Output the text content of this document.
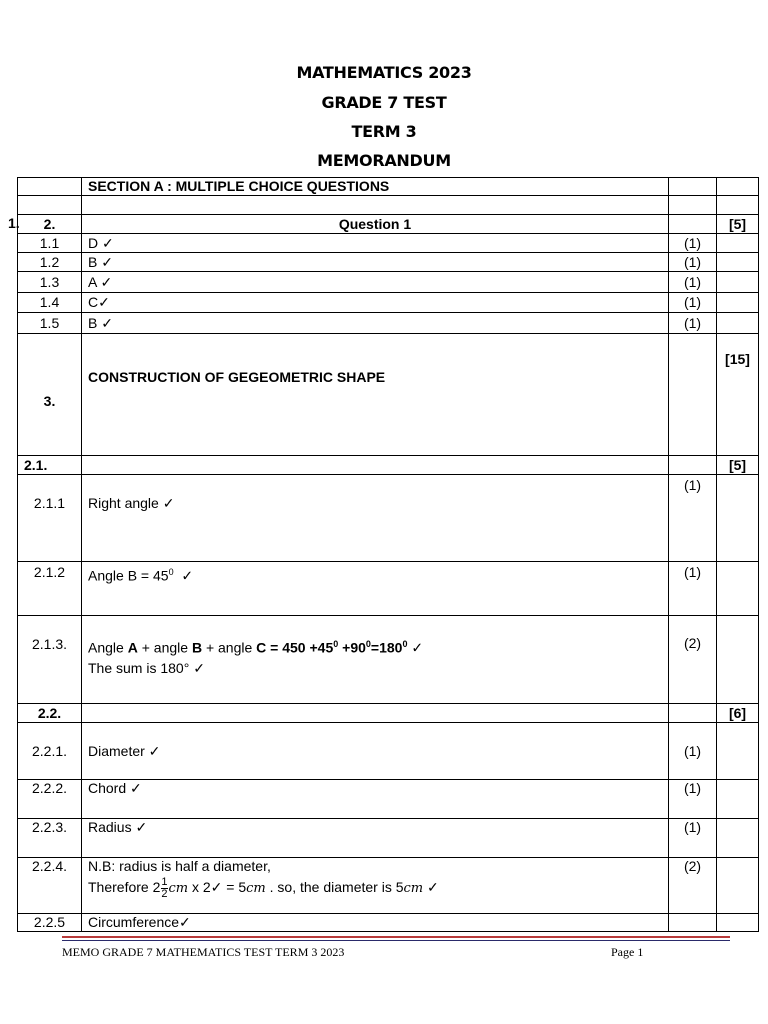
MATHEMATICS 2023
GRADE 7 TEST
TERM 3
MEMORANDUM
	SECTION A : MULTIPLE CHOICE QUESTIONS		

2.	Question 1		[5]
1.1	D ✓	(1)	
1.2	B ✓	(1)	
1.3	A ✓	(1)	
1.4	C✓	(1)	
1.5	B ✓	(1)	

3.	CONSTRUCTION OF GEGEOMETRIC SHAPE		[15]

2.1.			[5]

2.1.1	Right angle ✓	(1)	

2.1.2	Angle $B = 45^0$  ✓	(1)	

2.1.3.	Angle A + angle B + angle $C = 450 +45^0 +90^0=180^0$ ✓
The sum is 180° ✓	(2)	

2.2.			[6]
2.2.1.	Diameter ✓	(1)	

2.2.2.	Chord ✓	(1)	

2.2.3.	Radius ✓	(1)	

2.2.4.	N.B: radius is half a diameter,
Therefore $2 \frac{1}{2}$ cm x 2✓ = 5cm . so, the diameter is 5cm ✓	(2)	

2.2.5	Circumference✓		
1.
MEMO GRADE 7 MATHEMATICS TEST TERM 3 2023	Page 1
